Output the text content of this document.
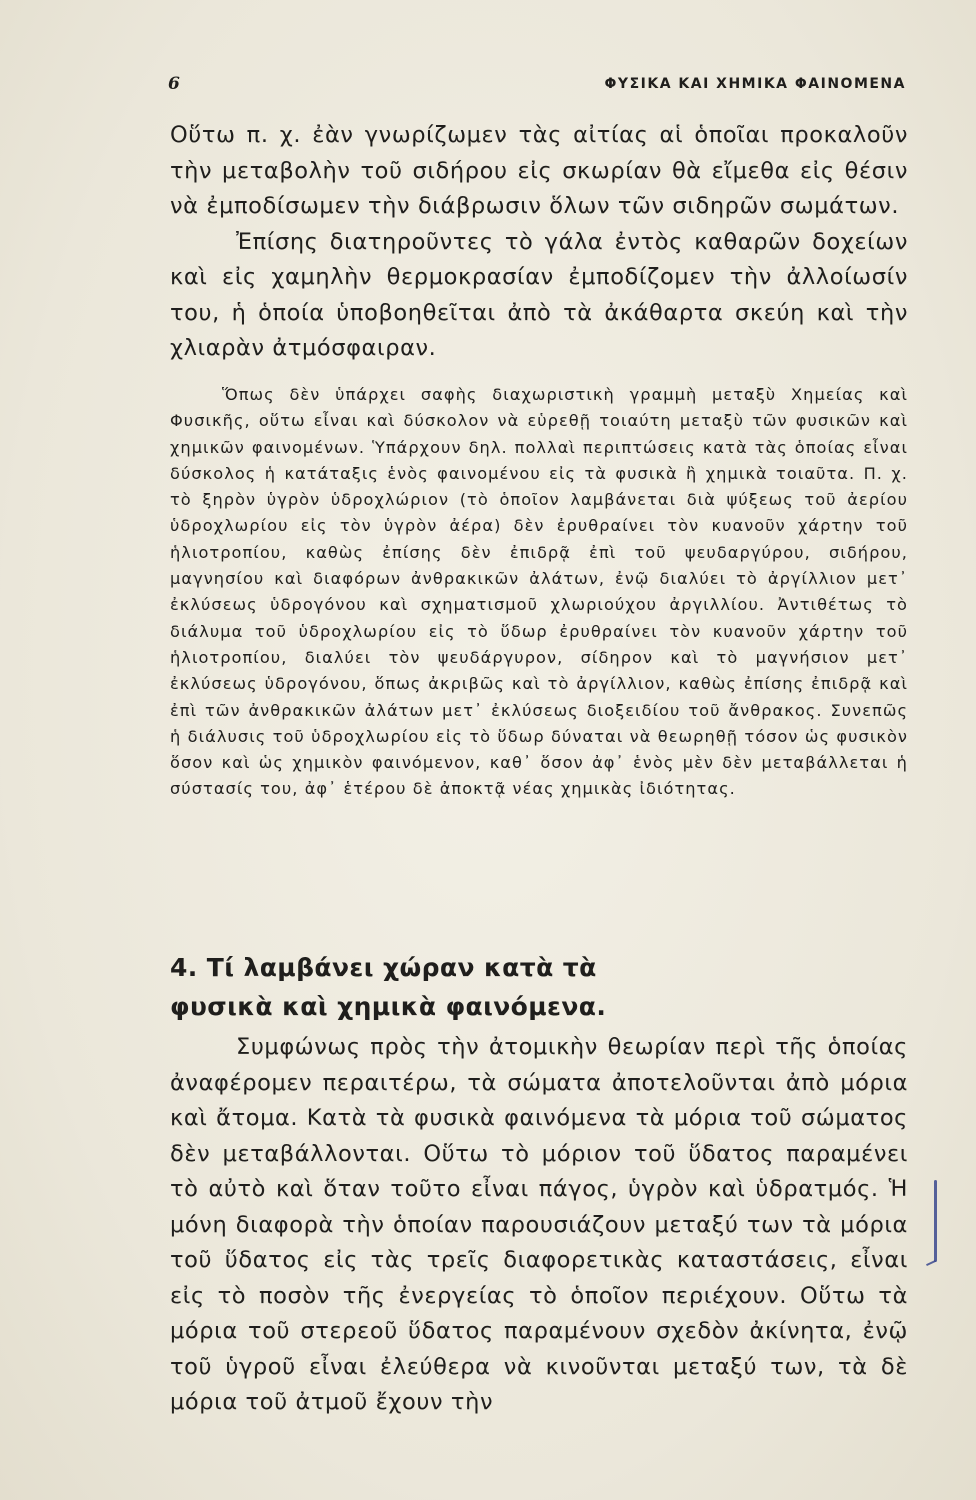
6	ΦΥΣΙΚΑ ΚΑΙ ΧΗΜΙΚΑ ΦΑΙΝΟΜΕΝΑ

Οὕτω π. χ. ἐὰν γνωρίζωμεν τὰς αἰτίας αἱ ὁποῖαι προκαλοῦν τὴν μεταβολὴν τοῦ σιδήρου εἰς σκωρίαν θὰ εἴμεθα εἰς θέσιν νὰ ἐμποδίσωμεν τὴν διάβρωσιν ὅλων τῶν σιδηρῶν σωμάτων.

Ἐπίσης διατηροῦντες τὸ γάλα ἐντὸς καθαρῶν δοχείων καὶ εἰς χαμηλὴν θερμοκρασίαν ἐμποδίζομεν τὴν ἀλλοίωσίν του, ἡ ὁποία ὑποβοηθεῖται ἀπὸ τὰ ἀκάθαρτα σκεύη καὶ τὴν χλιαρὰν ἀτμόσφαιραν.

Ὅπως δὲν ὑπάρχει σαφὴς διαχωριστικὴ γραμμὴ μεταξὺ Χημείας καὶ Φυσικῆς, οὕτω εἶναι καὶ δύσκολον νὰ εὑρεθῇ τοιαύτη μεταξὺ τῶν φυσικῶν καὶ χημικῶν φαινομένων. Ὑπάρχουν δηλ. πολλαὶ περιπτώσεις κατὰ τὰς ὁποίας εἶναι δύσκολος ἡ κατάταξις ἑνὸς φαινομένου εἰς τὰ φυσικὰ ἢ χημικὰ τοιαῦτα. Π. χ. τὸ ξηρὸν ὑγρὸν ὑδροχλώριον (τὸ ὁποῖον λαμβάνεται διὰ ψύξεως τοῦ ἀερίου ὑδροχλωρίου εἰς τὸν ὑγρὸν ἀέρα) δὲν ἐρυθραίνει τὸν κυανοῦν χάρτην τοῦ ἡλιοτροπίου, καθὼς ἐπίσης δὲν ἐπιδρᾷ ἐπὶ τοῦ ψευδαργύρου, σιδήρου, μαγνησίου καὶ διαφόρων ἀνθρακικῶν ἀλάτων, ἐνῷ διαλύει τὸ ἀργίλλιον μετ᾽ ἐκλύσεως ὑδρογόνου καὶ σχηματισμοῦ χλωριούχου ἀργιλλίου. Ἀντιθέτως τὸ διάλυμα τοῦ ὑδροχλωρίου εἰς τὸ ὕδωρ ἐρυθραίνει τὸν κυανοῦν χάρτην τοῦ ἡλιοτροπίου, διαλύει τὸν ψευδάργυρον, σίδηρον καὶ τὸ μαγνήσιον μετ᾽ ἐκλύσεως ὑδρογόνου, ὅπως ἀκριβῶς καὶ τὸ ἀργίλλιον, καθὼς ἐπίσης ἐπιδρᾷ καὶ ἐπὶ τῶν ἀνθρακικῶν ἀλάτων μετ᾽ ἐκλύσεως διοξειδίου τοῦ ἄνθρακος. Συνεπῶς ἡ διάλυσις τοῦ ὑδροχλωρίου εἰς τὸ ὕδωρ δύναται νὰ θεωρηθῇ τόσον ὡς φυσικὸν ὅσον καὶ ὡς χημικὸν φαινόμενον, καθ᾽ ὅσον ἀφ᾽ ἑνὸς μὲν δὲν μεταβάλλεται ἡ σύστασίς του, ἀφ᾽ ἑτέρου δὲ ἀποκτᾷ νέας χημικὰς ἰδιότητας.

4. Τί λαμβάνει χώραν κατὰ τὰ
φυσικὰ καὶ χημικὰ φαινόμενα.

Συμφώνως πρὸς τὴν ἀτομικὴν θεωρίαν περὶ τῆς ὁποίας ἀναφέρομεν περαιτέρω, τὰ σώματα ἀποτελοῦνται ἀπὸ μόρια καὶ ἄτομα. Κατὰ τὰ φυσικὰ φαινόμενα τὰ μόρια τοῦ σώματος δὲν μεταβάλλονται. Οὕτω τὸ μόριον τοῦ ὕδατος παραμένει τὸ αὐτὸ καὶ ὅταν τοῦτο εἶναι πάγος, ὑγρὸν καὶ ὑδρατμός. Ἡ μόνη διαφορὰ τὴν ὁποίαν παρουσιάζουν μεταξύ των τὰ μόρια τοῦ ὕδατος εἰς τὰς τρεῖς διαφορετικὰς καταστάσεις, εἶναι εἰς τὸ ποσὸν τῆς ἐνεργείας τὸ ὁποῖον περιέχουν. Οὕτω τὰ μόρια τοῦ στερεοῦ ὕδατος παραμένουν σχεδὸν ἀκίνητα, ἐνῷ τοῦ ὑγροῦ εἶναι ἐλεύθερα νὰ κινοῦνται μεταξύ των, τὰ δὲ μόρια τοῦ ἀτμοῦ ἔχουν τὴν
